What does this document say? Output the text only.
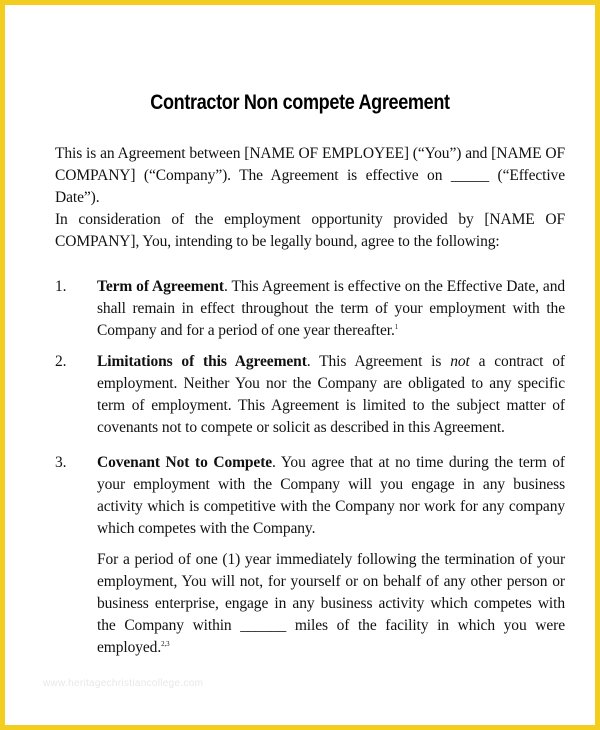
Contractor Non compete Agreement
This is an Agreement between [NAME OF EMPLOYEE] (“You”) and [NAME OF COMPANY] (“Company”). The Agreement is effective on _____ (“Effective Date”).
In consideration of the employment opportunity provided by [NAME OF COMPANY], You, intending to be legally bound, agree to the following:
1.	Term of Agreement. This Agreement is effective on the Effective Date, and shall remain in effect throughout the term of your employment with the Company and for a period of one year thereafter.$^1$
2.	Limitations of this Agreement. This Agreement is not a contract of employment. Neither You nor the Company are obligated to any specific term of employment. This Agreement is limited to the subject matter of covenants not to compete or solicit as described in this Agreement.
3.	Covenant Not to Compete. You agree that at no time during the term of your employment with the Company will you engage in any business activity which is competitive with the Company nor work for any company which competes with the Company.
For a period of one (1) year immediately following the termination of your employment, You will not, for yourself or on behalf of any other person or business enterprise, engage in any business activity which competes with the Company within ______ miles of the facility in which you were employed.$^{2,3}$
www.heritagechristiancollege.com
